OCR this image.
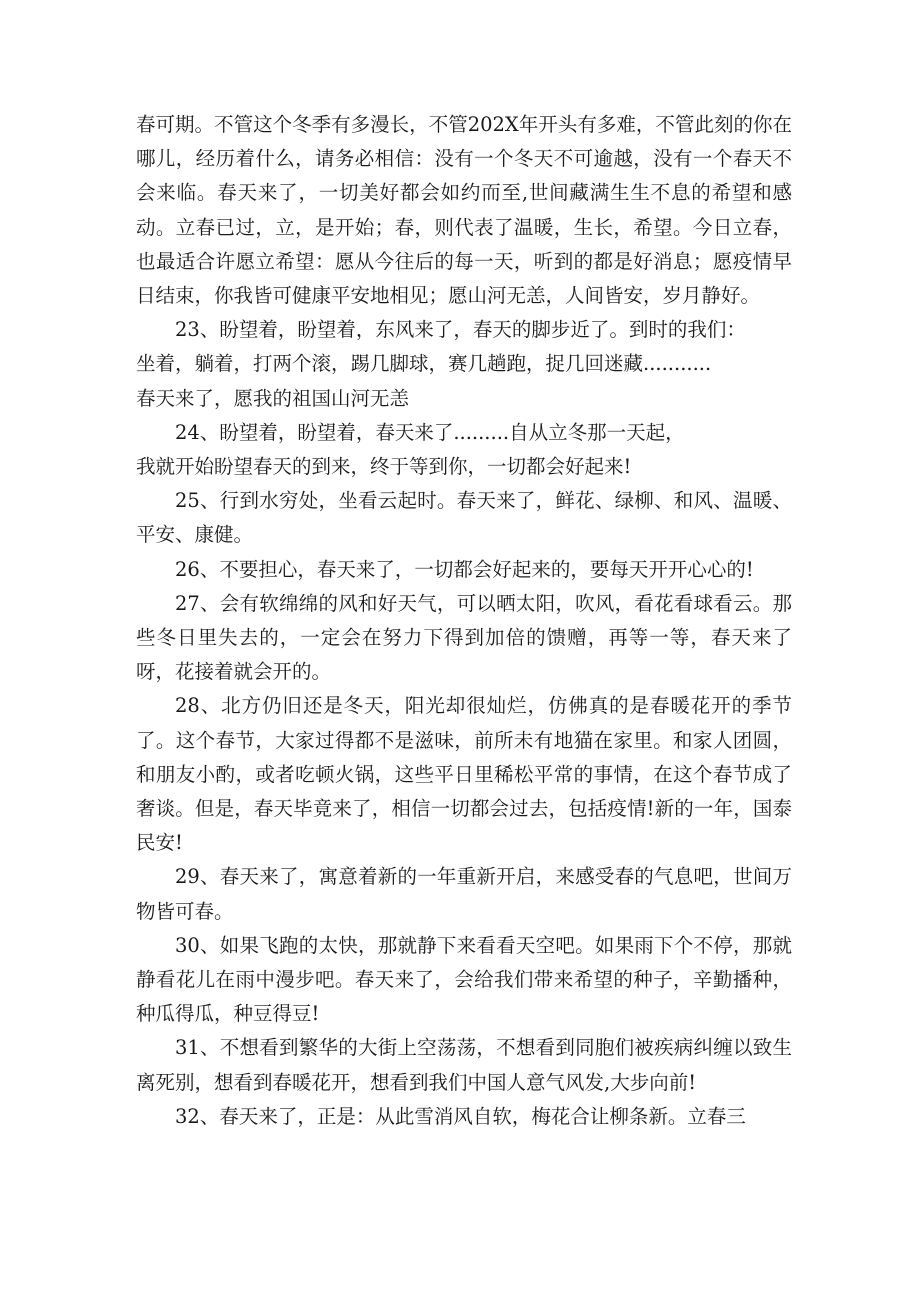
春可期。不管这个冬季有多漫长，不管202X年开头有多难，不管此刻的你在哪儿，经历着什么，请务必相信：没有一个冬天不可逾越，没有一个春天不会来临。春天来了，一切美好都会如约而至,世间藏满生生不息的希望和感动。立春已过，立，是开始；春，则代表了温暖，生长，希望。今日立春，也最适合许愿立希望：愿从今往后的每一天，听到的都是好消息；愿疫情早日结束，你我皆可健康平安地相见；愿山河无恙，人间皆安，岁月静好。

23、盼望着，盼望着，东风来了，春天的脚步近了。到时的我们：
坐着，躺着，打两个滚，踢几脚球，赛几趟跑，捉几回迷藏...........
春天来了，愿我的祖国山河无恙

24、盼望着，盼望着，春天来了.........自从立冬那一天起，
我就开始盼望春天的到来，终于等到你，一切都会好起来!

25、行到水穷处，坐看云起时。春天来了，鲜花、绿柳、和风、温暖、平安、康健。

26、不要担心，春天来了，一切都会好起来的，要每天开开心心的!

27、会有软绵绵的风和好天气，可以晒太阳，吹风，看花看球看云。那些冬日里失去的，一定会在努力下得到加倍的馈赠，再等一等，春天来了呀，花接着就会开的。

28、北方仍旧还是冬天，阳光却很灿烂，仿佛真的是春暖花开的季节了。这个春节，大家过得都不是滋味，前所未有地猫在家里。和家人团圆，和朋友小酌，或者吃顿火锅，这些平日里稀松平常的事情，在这个春节成了奢谈。但是，春天毕竟来了，相信一切都会过去，包括疫情!新的一年，国泰民安!

29、春天来了，寓意着新的一年重新开启，来感受春的气息吧，世间万物皆可春。

30、如果飞跑的太快，那就静下来看看天空吧。如果雨下个不停，那就静看花儿在雨中漫步吧。春天来了，会给我们带来希望的种子，辛勤播种，种瓜得瓜，种豆得豆!

31、不想看到繁华的大街上空荡荡，不想看到同胞们被疾病纠缠以致生离死别，想看到春暖花开，想看到我们中国人意气风发,大步向前!

32、春天来了，正是：从此雪消风自软，梅花合让柳条新。立春三
